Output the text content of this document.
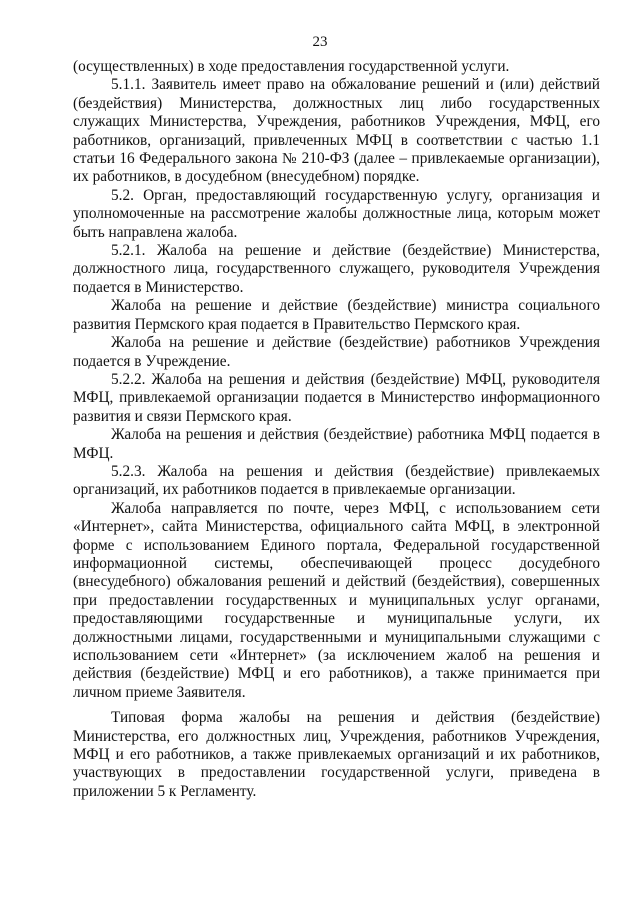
23

(осуществленных) в ходе предоставления государственной услуги.

5.1.1. Заявитель имеет право на обжалование решений и (или) действий (бездействия) Министерства, должностных лиц либо государственных служащих Министерства, Учреждения, работников Учреждения, МФЦ, его работников, организаций, привлеченных МФЦ в соответствии с частью 1.1 статьи 16 Федерального закона № 210-ФЗ (далее – привлекаемые организации), их работников, в досудебном (внесудебном) порядке.

5.2. Орган, предоставляющий государственную услугу, организация и уполномоченные на рассмотрение жалобы должностные лица, которым может быть направлена жалоба.

5.2.1. Жалоба на решение и действие (бездействие) Министерства, должностного лица, государственного служащего, руководителя Учреждения подается в Министерство.

Жалоба на решение и действие (бездействие) министра социального развития Пермского края подается в Правительство Пермского края.

Жалоба на решение и действие (бездействие) работников Учреждения подается в Учреждение.

5.2.2. Жалоба на решения и действия (бездействие) МФЦ, руководителя МФЦ, привлекаемой организации подается в Министерство информационного развития и связи Пермского края.

Жалоба на решения и действия (бездействие) работника МФЦ подается в МФЦ.

5.2.3. Жалоба на решения и действия (бездействие) привлекаемых организаций, их работников подается в привлекаемые организации.

Жалоба направляется по почте, через МФЦ, с использованием сети «Интернет», сайта Министерства, официального сайта МФЦ, в электронной форме с использованием Единого портала, Федеральной государственной информационной системы, обеспечивающей процесс досудебного (внесудебного) обжалования решений и действий (бездействия), совершенных при предоставлении государственных и муниципальных услуг органами, предоставляющими государственные и муниципальные услуги, их должностными лицами, государственными и муниципальными служащими с использованием сети «Интернет» (за исключением жалоб на решения и действия (бездействие) МФЦ и его работников), а также принимается при личном приеме Заявителя.

Типовая форма жалобы на решения и действия (бездействие) Министерства, его должностных лиц, Учреждения, работников Учреждения, МФЦ и его работников, а также привлекаемых организаций и их работников, участвующих в предоставлении государственной услуги, приведена в приложении 5 к Регламенту.
